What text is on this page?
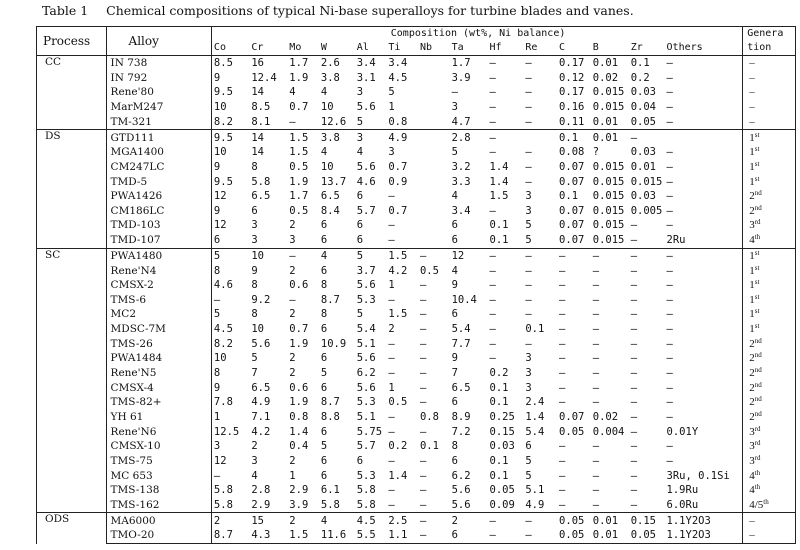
Table 1 Chemical compositions of typical Ni-base superalloys for turbine blades and vanes.
Process	Alloy	Composition (wt%, Ni balance)														Genera
tion
		Co	Cr	Mo	W	Al	Ti	Nb	Ta	Hf	Re	C	B	Zr	Others	
CC	IN 738	8.5	16	1.7	2.6	3.4	3.4		1.7	–	–	0.17	0.01	0.1	–	–
	IN 792	9	12.4	1.9	3.8	3.1	4.5		3.9	–	–	0.12	0.02	0.2	–	–
	Rene'80	9.5	14	4	4	3	5		–	–	–	0.17	0.015	0.03	–	–
	MarM247	10	8.5	0.7	10	5.6	1		3	–	–	0.16	0.015	0.04	–	–
	TM-321	8.2	8.1	–	12.6	5	0.8		4.7	–	–	0.11	0.01	0.05	–	–
DS	GTD111	9.5	14	1.5	3.8	3	4.9		2.8	–		0.1	0.01	–		1st
	MGA1400	10	14	1.5	4	4	3		5	–	–	0.08	?	0.03	–	1st
	CM247LC	9	8	0.5	10	5.6	0.7		3.2	1.4	–	0.07	0.015	0.01	–	1st
	TMD-5	9.5	5.8	1.9	13.7	4.6	0.9		3.3	1.4	–	0.07	0.015	0.015	–	1st
	PWA1426	12	6.5	1.7	6.5	6	–		4	1.5	3	0.1	0.015	0.03	–	2nd
	CM186LC	9	6	0.5	8.4	5.7	0.7		3.4	–	3	0.07	0.015	0.005	–	2nd
	TMD-103	12	3	2	6	6	–		6	0.1	5	0.07	0.015	–	–	3rd
	TMD-107	6	3	3	6	6	–		6	0.1	5	0.07	0.015	–	2Ru	4th
SC	PWA1480	5	10	–	4	5	1.5	–	12	–	–	–	–	–	–	1st
	Rene'N4	8	9	2	6	3.7	4.2	0.5	4	–	–	–	–	–	–	1st
	CMSX-2	4.6	8	0.6	8	5.6	1	–	9	–	–	–	–	–	–	1st
	TMS-6	–	9.2	–	8.7	5.3	–	–	10.4	–	–	–	–	–	–	1st
	MC2	5	8	2	8	5	1.5	–	6	–	–	–	–	–	–	1st
	MDSC-7M	4.5	10	0.7	6	5.4	2	–	5.4	–	0.1	–	–	–	–	1st
	TMS-26	8.2	5.6	1.9	10.9	5.1	–	–	7.7	–	–	–	–	–	–	2nd
	PWA1484	10	5	2	6	5.6	–	–	9	–	3	–	–	–	–	2nd
	Rene'N5	8	7	2	5	6.2	–	–	7	0.2	3	–	–	–	–	2nd
	CMSX-4	9	6.5	0.6	6	5.6	1	–	6.5	0.1	3	–	–	–	–	2nd
	TMS-82+	7.8	4.9	1.9	8.7	5.3	0.5	–	6	0.1	2.4	–	–	–	–	2nd
	YH 61	1	7.1	0.8	8.8	5.1	–	0.8	8.9	0.25	1.4	0.07	0.02	–	–	2nd
	Rene'N6	12.5	4.2	1.4	6	5.75	–	–	7.2	0.15	5.4	0.05	0.004	–	0.01Y	3rd
	CMSX-10	3	2	0.4	5	5.7	0.2	0.1	8	0.03	6	–	–	–	–	3rd
	TMS-75	12	3	2	6	6	–	–	6	0.1	5	–	–	–	–	3rd
	MC 653	–	4	1	6	5.3	1.4	–	6.2	0.1	5	–	–	–	3Ru, 0.1Si	4th
	TMS-138	5.8	2.8	2.9	6.1	5.8	–	–	5.6	0.05	5.1	–	–	–	1.9Ru	4th
	TMS-162	5.8	2.9	3.9	5.8	5.8	–	–	5.6	0.09	4.9	–	–	–	6.0Ru	4/5th
ODS	MA6000	2	15	2	4	4.5	2.5	–	2	–	–	0.05	0.01	0.15	1.1Y2O3	–
	TMO-20	8.7	4.3	1.5	11.6	5.5	1.1	–	6	–	–	0.05	0.01	0.05	1.1Y2O3	–
